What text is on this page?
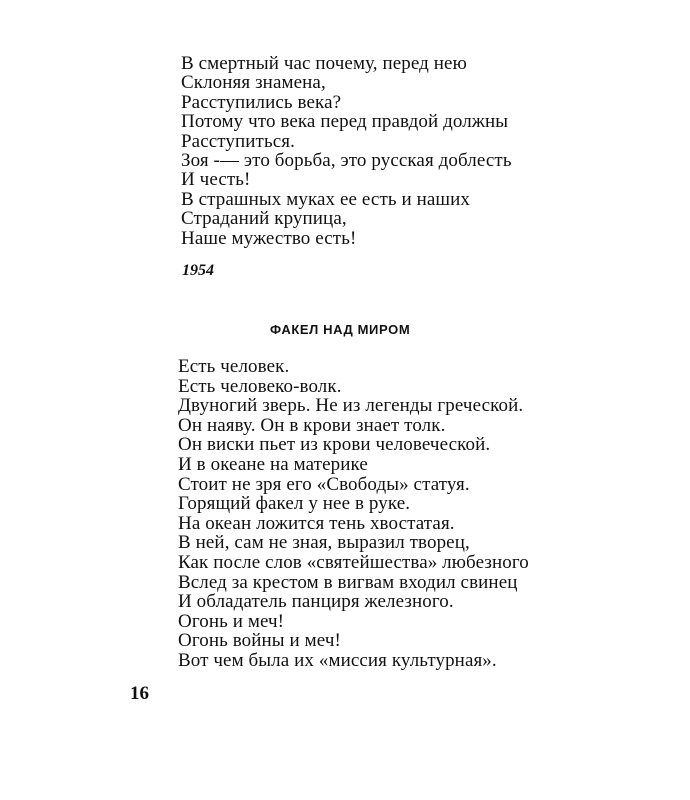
В смертный час почему, перед нею
Склоняя знамена,
Расступились века?
Потому что века перед правдой должны
Расступиться.
Зоя -— это борьба, это русская доблесть
И честь!
В страшных муках ее есть и наших
Страданий крупица,
Наше мужество есть!
1954
ФАКЕЛ НАД МИРОМ
Есть человек.
Есть человеко-волк.
Двуногий зверь. Не из легенды греческой.
Он наяву. Он в крови знает толк.
Он виски пьет из крови человеческой.
И в океане на материке
Стоит не зря его «Свободы» статуя.
Горящий факел у нее в руке.
На океан ложится тень хвостатая.
В ней, сам не зная, выразил творец,
Как после слов «святейшества» любезного
Вслед за крестом в вигвам входил свинец
И обладатель панциря железного.
Огонь и меч!
Огонь войны и меч!
Вот чем была их «миссия культурная».
16
